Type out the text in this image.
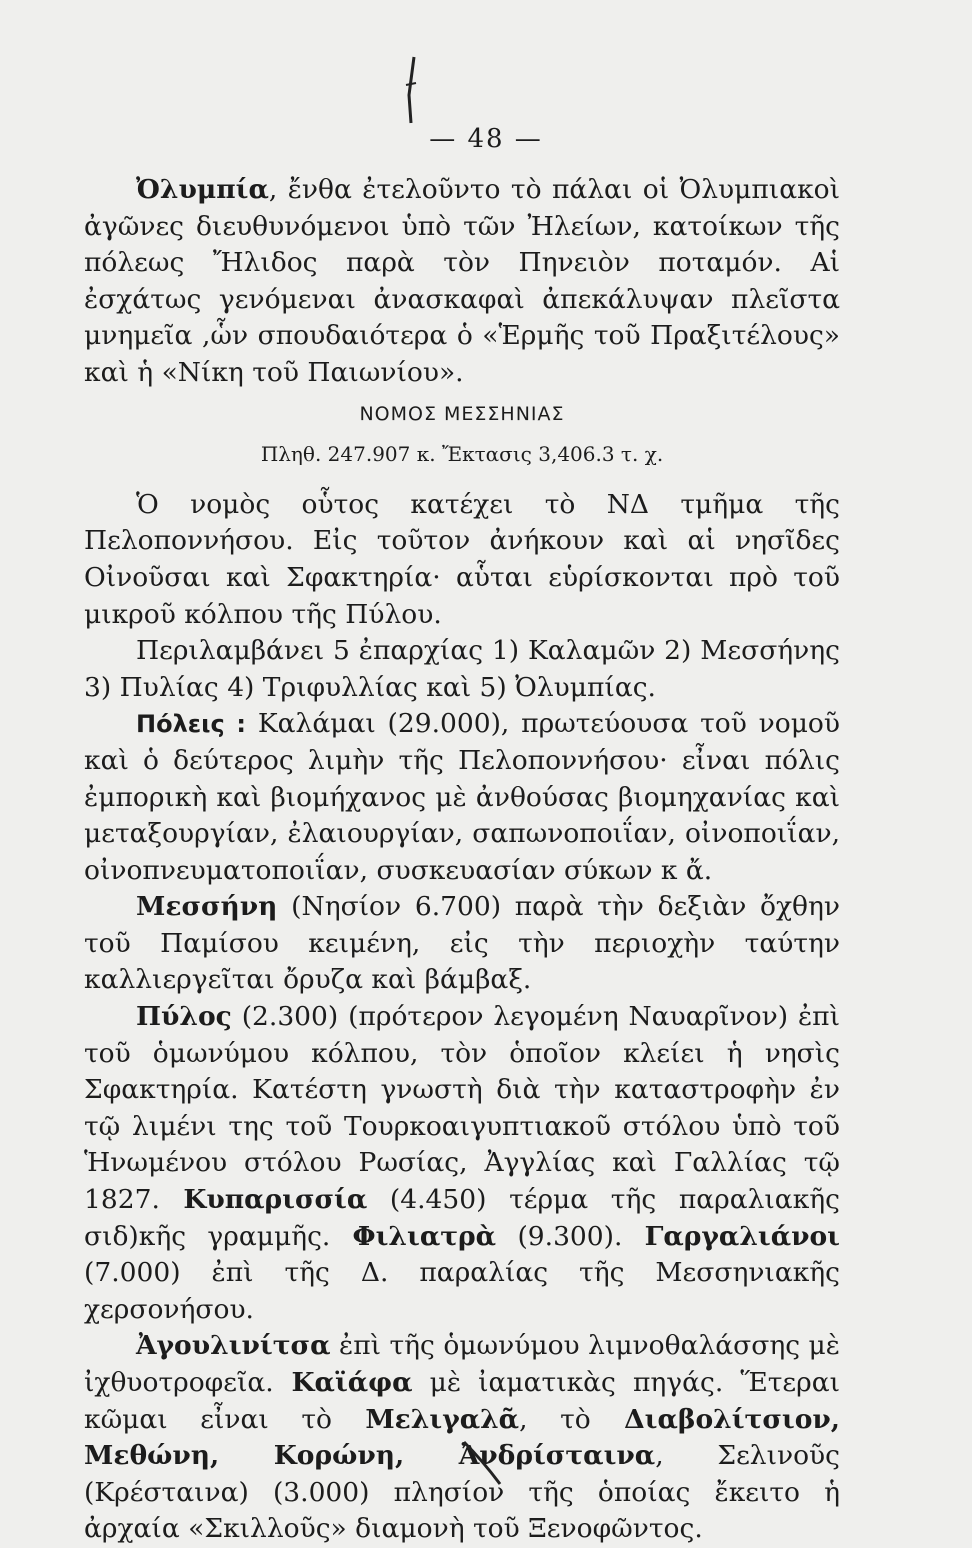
— 48 —

Ὀλυμπία, ἔνθα ἐτελοῦντο τὸ πάλαι οἱ Ὀλυμπιακοὶ ἀγῶνες διευθυνόμενοι ὑπὸ τῶν Ἠλείων, κατοίκων τῆς πόλεως Ἤλιδος παρὰ τὸν Πηνειὸν ποταμόν. Αἱ ἐσχάτως γενόμεναι ἀνασκαφαὶ ἀπεκάλυψαν πλεῖστα μνημεῖα ,ὧν σπουδαιότερα ὁ «Ἑρμῆς τοῦ Πραξιτέλους» καὶ ἡ «Νίκη τοῦ Παιωνίου».

ΝΟΜΟΣ ΜΕΣΣΗΝΙΑΣ

Πληθ. 247.907 κ. Ἔκτασις 3,406.3 τ. χ.

Ὁ νομὸς οὗτος κατέχει τὸ ΝΔ τμῆμα τῆς Πελοποννήσου. Εἰς τοῦτον ἀνήκουν καὶ αἱ νησῖδες Οἰνοῦσαι καὶ Σφακτηρία· αὗται εὑρίσκονται πρὸ τοῦ μικροῦ κόλπου τῆς Πύλου.

Περιλαμβάνει 5 ἐπαρχίας 1) Καλαμῶν 2) Μεσσήνης 3) Πυλίας 4) Τριφυλλίας καὶ 5) Ὀλυμπίας.

Πόλεις : Καλάμαι (29.000), πρωτεύουσα τοῦ νομοῦ καὶ ὁ δεύτερος λιμὴν τῆς Πελοποννήσου· εἶναι πόλις ἐμπορικὴ καὶ βιομήχανος μὲ ἀνθούσας βιομηχανίας καὶ μεταξουργίαν, ἐλαιουργίαν, σαπωνοποιΐαν, οἰνοποιΐαν, οἰνοπνευματοποιΐαν, συσκευασίαν σύκων κ ἄ.

Μεσσήνη (Νησίον 6.700) παρὰ τὴν δεξιὰν ὄχθην τοῦ Παμίσου κειμένη, εἰς τὴν περιοχὴν ταύτην καλλιεργεῖται ὄρυζα καὶ βάμβαξ.

Πύλος (2.300) (πρότερον λεγομένη Ναυαρῖνον) ἐπὶ τοῦ ὁμωνύμου κόλπου, τὸν ὁποῖον κλείει ἡ νησὶς Σφακτηρία. Κατέστη γνωστὴ διὰ τὴν καταστροφὴν ἐν τῷ λιμένι της τοῦ Τουρκοαιγυπτιακοῦ στόλου ὑπὸ τοῦ Ἡνωμένου στόλου Ρωσίας, Ἀγγλίας καὶ Γαλλίας τῷ 1827. Κυπαρισσία (4.450) τέρμα τῆς παραλιακῆς σιδ)κῆς γραμμῆς. Φιλιατρὰ (9.300). Γαργαλιάνοι (7.000) ἐπὶ τῆς Δ. παραλίας τῆς Μεσσηνιακῆς χερσονήσου.

Ἀγουλινίτσα ἐπὶ τῆς ὁμωνύμου λιμνοθαλάσσης μὲ ἰχθυοτροφεῖα. Καϊάφα μὲ ἰαματικὰς πηγάς. Ἕτεραι κῶμαι εἶναι τὸ Μελιγαλᾶ, τὸ Διαβολίτσιον, Μεθώνη, Κορώνη, Ἀνδρίσταινα, Σελινοῦς (Κρέσταινα) (3.000) πλησίον τῆς ὁποίας ἔκειτο ἡ ἀρχαία «Σκιλλοῦς» διαμονὴ τοῦ Ξενοφῶντος.
